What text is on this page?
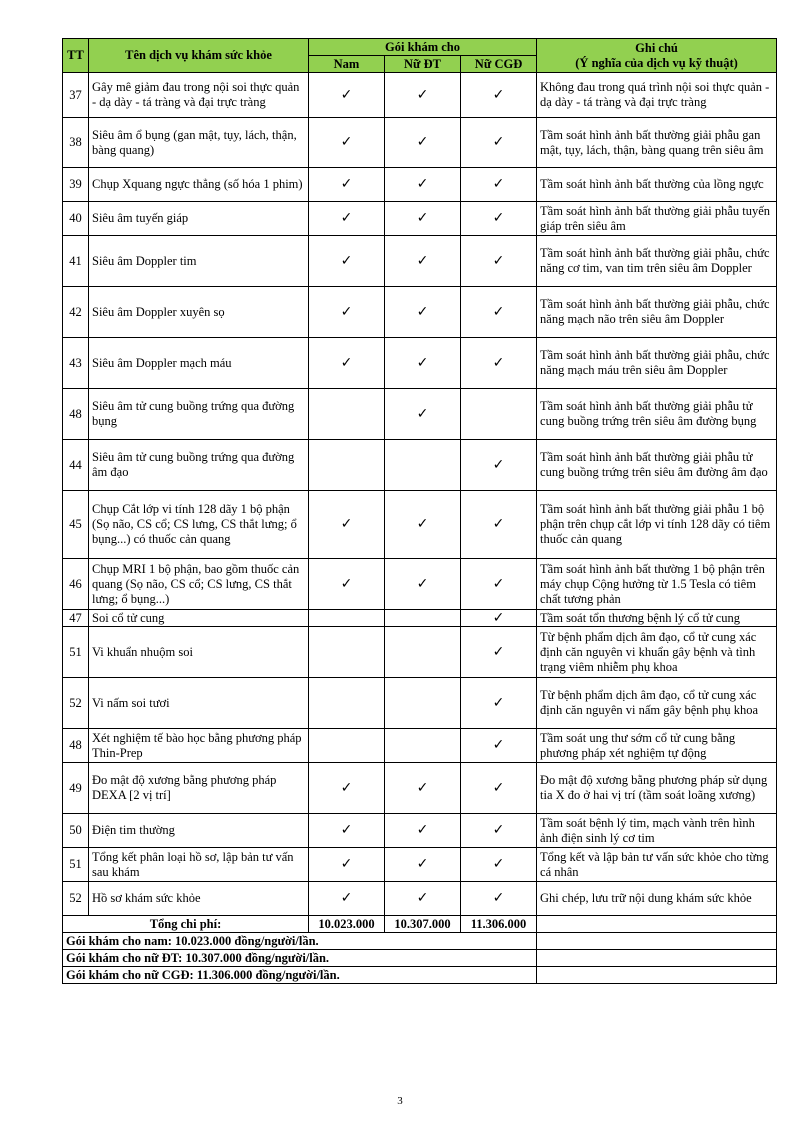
TT	Tên dịch vụ khám sức khỏe	Gói khám cho			Ghi chú
(Ý nghĩa của dịch vụ kỹ thuật)

		Nam	Nữ ĐT	Nữ CGĐ	
37	Gây mê giảm đau trong nội soi thực quản - dạ dày - tá tràng và đại trực tràng	✓	✓	✓	Không đau trong quá trình nội soi thực quản - dạ dày - tá tràng và đại trực tràng
38	Siêu âm ổ bụng (gan mật, tụy, lách, thận, bàng quang)	✓	✓	✓	Tầm soát hình ảnh bất thường giải phẫu gan mật, tụy, lách, thận, bàng quang trên siêu âm
39	Chụp Xquang ngực thẳng (số hóa 1 phim)	✓	✓	✓	Tầm soát hình ảnh bất thường của lồng ngực
40	Siêu âm tuyến giáp	✓	✓	✓	Tầm soát hình ảnh bất thường giải phẫu tuyến giáp trên siêu âm
41	Siêu âm Doppler tim	✓	✓	✓	Tầm soát hình ảnh bất thường giải phẫu, chức năng cơ tim, van tim trên siêu âm Doppler
42	Siêu âm Doppler xuyên sọ	✓	✓	✓	Tầm soát hình ảnh bất thường giải phẫu, chức năng mạch não trên siêu âm Doppler
43	Siêu âm Doppler mạch máu	✓	✓	✓	Tầm soát hình ảnh bất thường giải phẫu, chức năng mạch máu trên siêu âm Doppler
48	Siêu âm tử cung buồng trứng qua đường bụng		✓		Tầm soát hình ảnh bất thường giải phẫu tử cung buồng trứng trên siêu âm đường bụng
44	Siêu âm tử cung buồng trứng qua đường âm đạo			✓	Tầm soát hình ảnh bất thường giải phẫu tử cung buồng trứng trên siêu âm đường âm đạo
45	Chụp Cắt lớp vi tính 128 dãy 1 bộ phận (Sọ não, CS cổ; CS lưng, CS thắt lưng; ổ bụng...) có thuốc cản quang	✓	✓	✓	Tầm soát hình ảnh bất thường giải phẫu 1 bộ phận trên chụp cắt lớp vi tính 128 dãy có tiêm thuốc cản quang
46	Chụp MRI 1 bộ phận, bao gồm thuốc cản quang (Sọ não, CS cổ; CS lưng, CS thắt lưng; ổ bụng...)	✓	✓	✓	Tầm soát hình ảnh bất thường 1 bộ phận trên máy chụp Cộng hưởng từ 1.5 Tesla có tiêm chất tương phản
47	Soi cổ tử cung			✓	Tầm soát tổn thương bệnh lý cổ tử cung
51	Vi khuẩn nhuộm soi			✓	Từ bệnh phẩm dịch âm đạo, cổ tử cung xác định căn nguyên vi khuẩn gây bệnh và tình trạng viêm nhiễm phụ khoa
52	Vi nấm soi tươi			✓	Từ bệnh phẩm dịch âm đạo, cổ tử cung xác định căn nguyên vi nấm gây bệnh phụ khoa
48	Xét nghiệm tế bào học bằng phương pháp Thin-Prep			✓	Tầm soát ung thư sớm cổ tử cung bằng phương pháp xét nghiệm tự động
49	Đo mật độ xương bằng phương pháp DEXA [2 vị trí]	✓	✓	✓	Đo mật độ xương bằng phương pháp sử dụng tia X đo ở hai vị trí (tầm soát loãng xương)
50	Điện tim thường	✓	✓	✓	Tầm soát bệnh lý tim, mạch vành trên hình ảnh điện sinh lý cơ tim
51	Tổng kết phân loại hồ sơ, lập bản tư vấn sau khám	✓	✓	✓	Tổng kết và lập bản tư vấn sức khỏe cho từng cá nhân
52	Hồ sơ khám sức khỏe	✓	✓	✓	Ghi chép, lưu trữ nội dung khám sức khỏe
Tổng chi phí:		10.023.000	10.307.000	11.306.000	
Gói khám cho nam: 10.023.000 đồng/người/lần.					
Gói khám cho nữ ĐT: 10.307.000 đồng/người/lần.					
Gói khám cho nữ CGĐ: 11.306.000 đồng/người/lần.					
3
